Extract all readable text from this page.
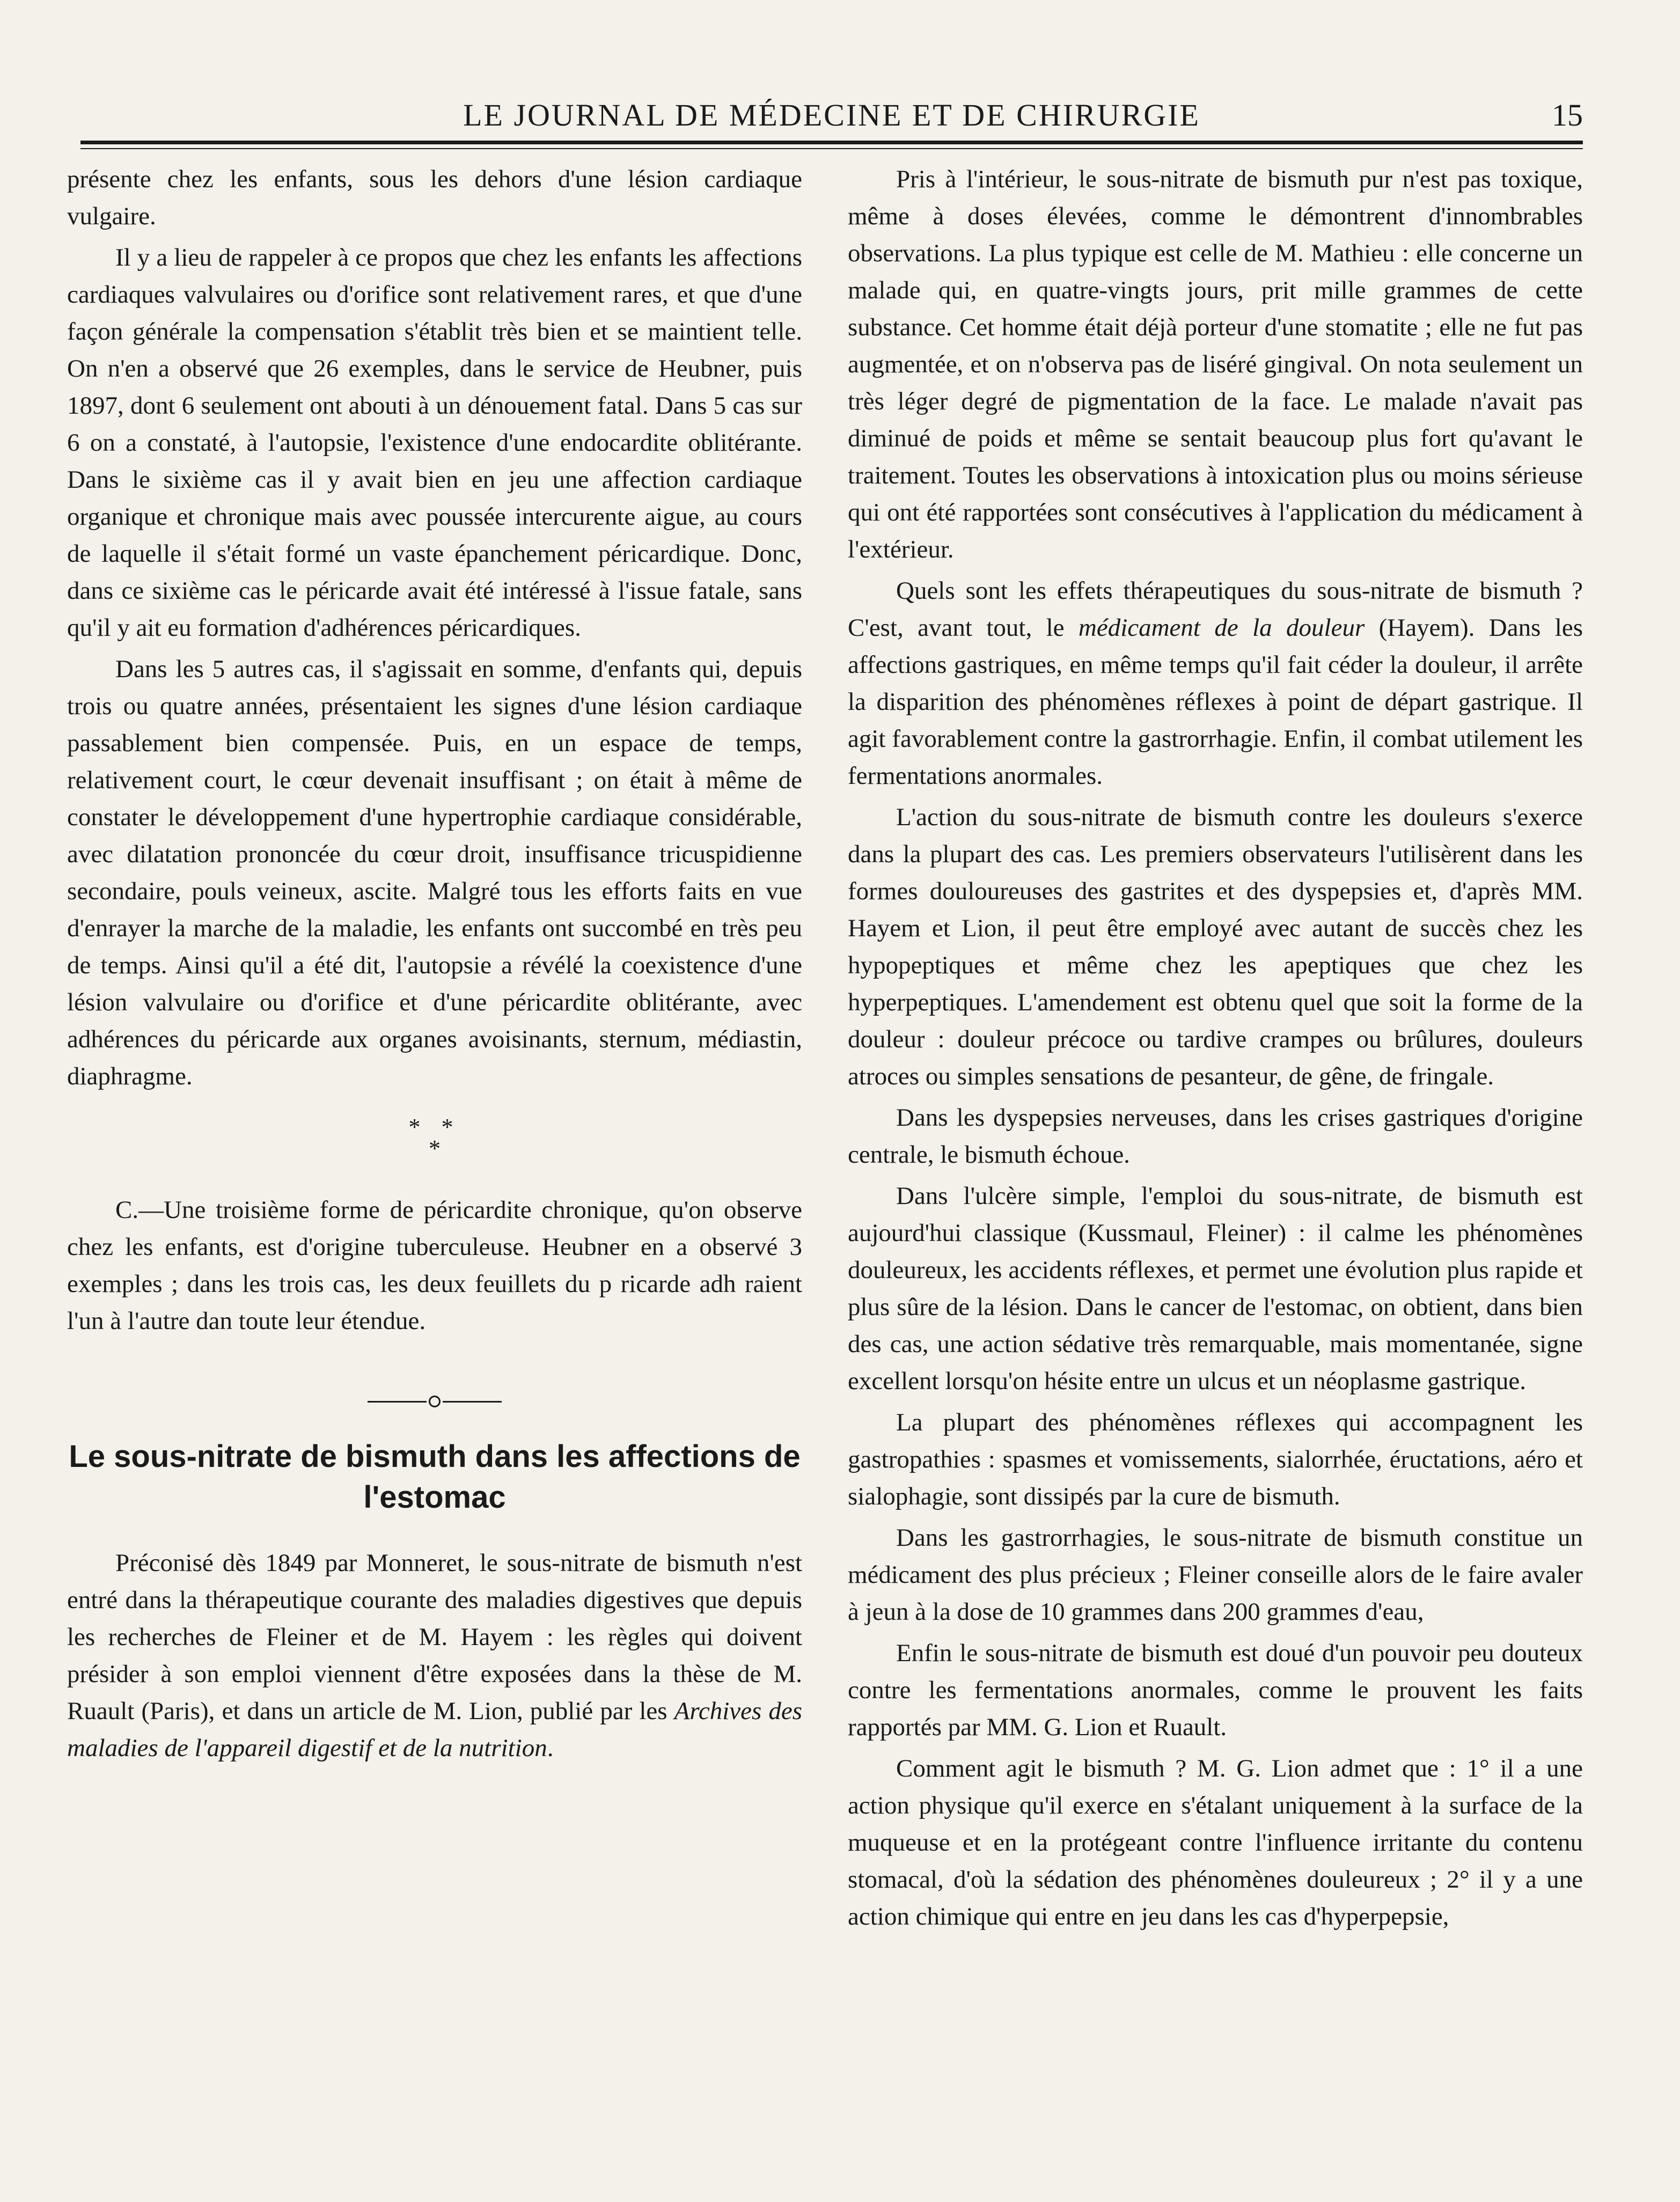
LE JOURNAL DE MÉDECINE ET DE CHIRURGIE	15

présente chez les enfants, sous les dehors d'une lésion cardiaque vulgaire.

Il y a lieu de rappeler à ce propos que chez les enfants les affections cardiaques valvulaires ou d'orifice sont relativement rares, et que d'une façon générale la compensation s'établit très bien et se maintient telle. On n'en a observé que 26 exemples, dans le service de Heubner, puis 1897, dont 6 seulement ont abouti à un dénouement fatal. Dans 5 cas sur 6 on a constaté, à l'autopsie, l'existence d'une endocardite oblitérante. Dans le sixième cas il y avait bien en jeu une affection cardiaque organique et chronique mais avec poussée intercurente aigue, au cours de laquelle il s'était formé un vaste épanchement péricardique. Donc, dans ce sixième cas le péricarde avait été intéressé à l'issue fatale, sans qu'il y ait eu formation d'adhérences péricardiques.

Dans les 5 autres cas, il s'agissait en somme, d'enfants qui, depuis trois ou quatre années, présentaient les signes d'une lésion cardiaque passablement bien compensée. Puis, en un espace de temps, relativement court, le cœur devenait insuffisant ; on était à même de constater le développement d'une hypertrophie cardiaque considérable, avec dilatation prononcée du cœur droit, insuffisance tricuspidienne secondaire, pouls veineux, ascite. Malgré tous les efforts faits en vue d'enrayer la marche de la maladie, les enfants ont succombé en très peu de temps. Ainsi qu'il a été dit, l'autopsie a révélé la coexistence d'une lésion valvulaire ou d'orifice et d'une péricardite oblitérante, avec adhérences du péricarde aux organes avoisinants, sternum, médiastin, diaphragme.

* *
*

C.—Une troisième forme de péricardite chronique, qu'on observe chez les enfants, est d'origine tuberculeuse. Heubner en a observé 3 exemples ; dans les trois cas, les deux feuillets du p ricarde adh raient l'un à l'autre dan toute leur étendue.

Le sous-nitrate de bismuth dans les affections de l'estomac

Préconisé dès 1849 par Monneret, le sous-nitrate de bismuth n'est entré dans la thérapeutique courante des maladies digestives que depuis les recherches de Fleiner et de M. Hayem : les règles qui doivent présider à son emploi viennent d'être exposées dans la thèse de M. Ruault (Paris), et dans un article de M. Lion, publié par les Archives des maladies de l'appareil digestif et de la nutrition.

Pris à l'intérieur, le sous-nitrate de bismuth pur n'est pas toxique, même à doses élevées, comme le démontrent d'innombrables observations. La plus typique est celle de M. Mathieu : elle concerne un malade qui, en quatre-vingts jours, prit mille grammes de cette substance. Cet homme était déjà porteur d'une stomatite ; elle ne fut pas augmentée, et on n'observa pas de liséré gingival. On nota seulement un très léger degré de pigmentation de la face. Le malade n'avait pas diminué de poids et même se sentait beaucoup plus fort qu'avant le traitement. Toutes les observations à intoxication plus ou moins sérieuse qui ont été rapportées sont consécutives à l'application du médicament à l'extérieur.

Quels sont les effets thérapeutiques du sous-nitrate de bismuth ? C'est, avant tout, le médicament de la douleur (Hayem). Dans les affections gastriques, en même temps qu'il fait céder la douleur, il arrête la disparition des phénomènes réflexes à point de départ gastrique. Il agit favorablement contre la gastrorrhagie. Enfin, il combat utilement les fermentations anormales.

L'action du sous-nitrate de bismuth contre les douleurs s'exerce dans la plupart des cas. Les premiers observateurs l'utilisèrent dans les formes douloureuses des gastrites et des dyspepsies et, d'après MM. Hayem et Lion, il peut être employé avec autant de succès chez les hypopeptiques et même chez les apeptiques que chez les hyperpeptiques. L'amendement est obtenu quel que soit la forme de la douleur : douleur précoce ou tardive crampes ou brûlures, douleurs atroces ou simples sensations de pesanteur, de gêne, de fringale.

Dans les dyspepsies nerveuses, dans les crises gastriques d'origine centrale, le bismuth échoue.

Dans l'ulcère simple, l'emploi du sous-nitrate, de bismuth est aujourd'hui classique (Kussmaul, Fleiner) : il calme les phénomènes douleureux, les accidents réflexes, et permet une évolution plus rapide et plus sûre de la lésion. Dans le cancer de l'estomac, on obtient, dans bien des cas, une action sédative très remarquable, mais momentanée, signe excellent lorsqu'on hésite entre un ulcus et un néoplasme gastrique.

La plupart des phénomènes réflexes qui accompagnent les gastropathies : spasmes et vomissements, sialorrhée, éructations, aéro et sialophagie, sont dissipés par la cure de bismuth.

Dans les gastrorrhagies, le sous-nitrate de bismuth constitue un médicament des plus précieux ; Fleiner conseille alors de le faire avaler à jeun à la dose de 10 grammes dans 200 grammes d'eau,

Enfin le sous-nitrate de bismuth est doué d'un pouvoir peu douteux contre les fermentations anormales, comme le prouvent les faits rapportés par MM. G. Lion et Ruault.

Comment agit le bismuth ? M. G. Lion admet que : 1° il a une action physique qu'il exerce en s'étalant uniquement à la surface de la muqueuse et en la protégeant contre l'influence irritante du contenu stomacal, d'où la sédation des phénomènes douleureux ; 2° il y a une action chimique qui entre en jeu dans les cas d'hyperpepsie,
